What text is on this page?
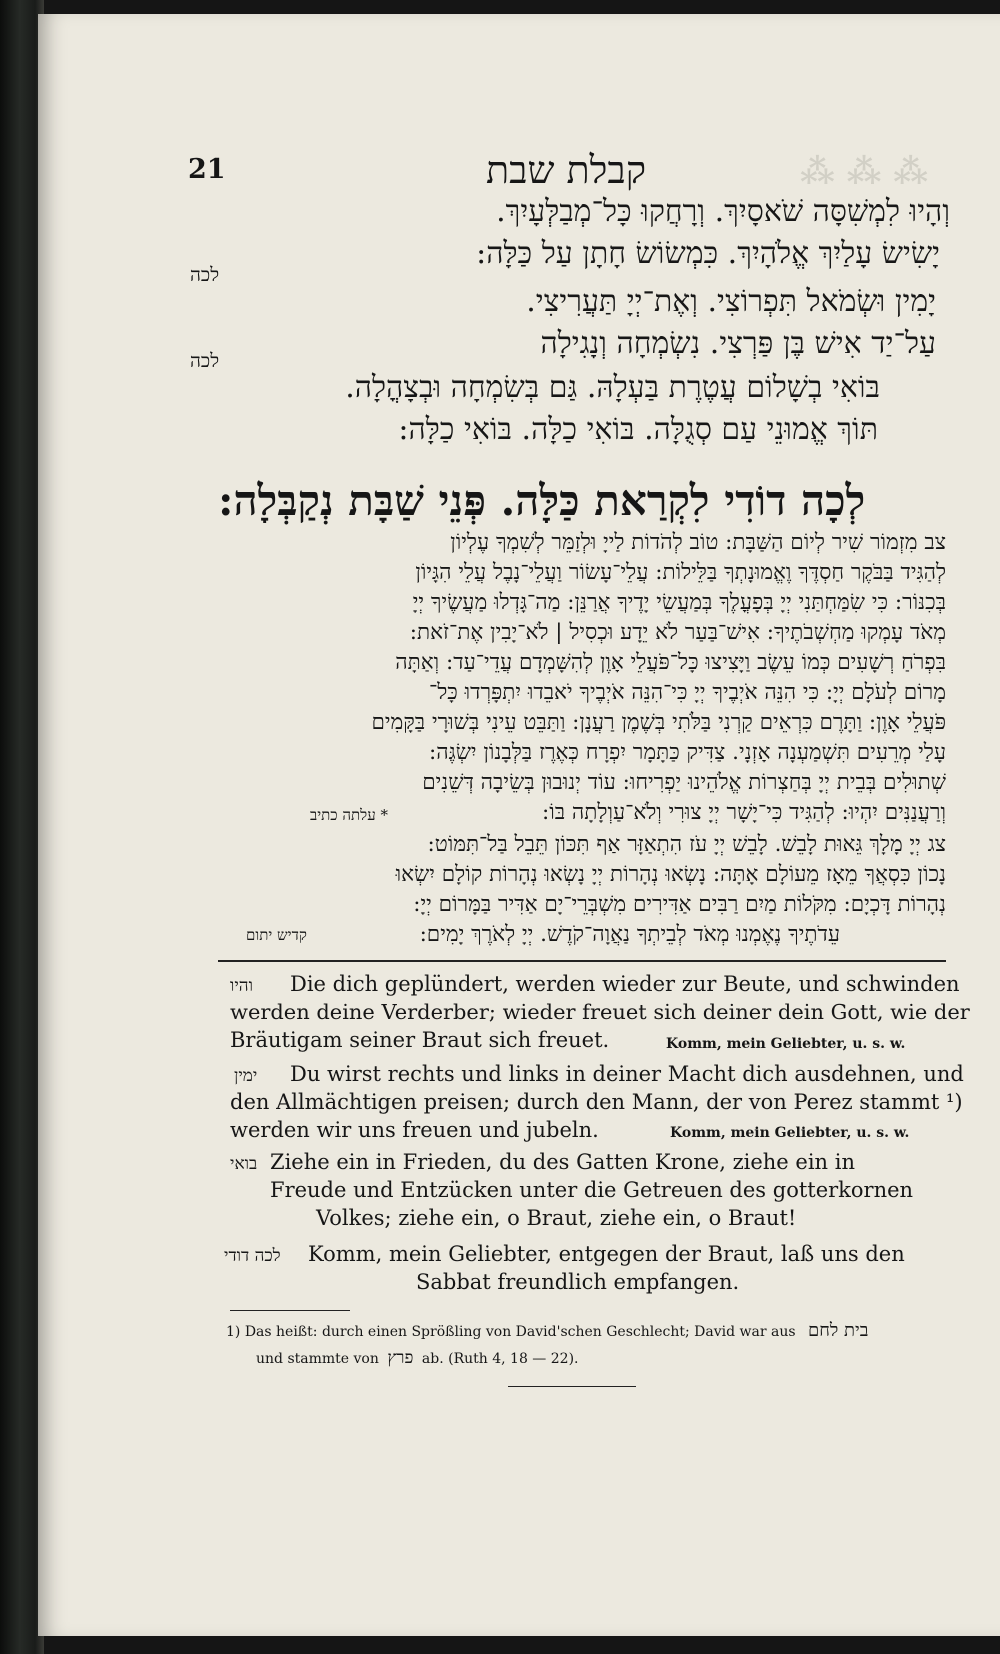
⁂ ⁂ ⁂
21	קבלת שבת
וְהָיוּ לִמְשִׁסָּה שֹׁאסָיִךְ. וְרָחֲקוּ כָּל־מְבַלְּעָיִךְ.
יָשִׂישׂ עָלַיִךְ אֱלֹהָיִךְ. כִּמְשׂוֹשׂ חָתָן עַל כַּלָּה:
לכה
יָמִין וּשְׂמֹאל תִּפְרוֹצִי. וְאֶת־יְיָ תַּעֲרִיצִי.
עַל־יַד אִישׁ בֶּן פַּרְצִי. נִשְׂמְחָה וְנָגִילָה
לכה
בּוֹאִי בְשָׁלוֹם עֲטֶרֶת בַּעְלָהּ. גַּם בְּשִׂמְחָה וּבְצָהֳלָה.
תּוֹךְ אֱמוּנֵי עַם סְגֻלָּה. בּוֹאִי כַלָּה. בּוֹאִי כַלָּה:
לְכָה דוֹדִי לִקְרַאת כַּלָּה. פְּנֵי שַׁבָּת נְקַבְּלָה:
צב מִזְמוֹר שִׁיר לְיוֹם הַשַּׁבָּת: טוֹב לְהֹדוֹת לַייָ וּלְזַמֵּר לְשִׁמְךָ עֶלְיוֹן
לְהַגִּיד בַּבֹּקֶר חַסְדֶּךָ וֶאֱמוּנָתְךָ בַּלֵּילוֹת: עֲלֵי־עָשׂוֹר וַעֲלֵי־נָבֶל עֲלֵי הִגָּיוֹן
בְּכִנּוֹר: כִּי שִׂמַּחְתַּנִי יְיָ בְּפָעֳלֶךָ בְּמַעֲשֵׂי יָדֶיךָ אֲרַנֵּן: מַה־גָּדְלוּ מַעֲשֶׂיךָ יְיָ
מְאֹד עָמְקוּ מַחְשְׁבֹתֶיךָ: אִישׁ־בַּעַר לֹא יֵדָע וּכְסִיל | לֹא־יָבִין אֶת־זֹאת:
בִּפְרֹחַ רְשָׁעִים כְּמוֹ עֵשֶׂב וַיָּצִיצוּ כָּל־פֹּעֲלֵי אָוֶן לְהִשָּׁמְדָם עֲדֵי־עַד: וְאַתָּה
מָרוֹם לְעֹלָם יְיָ: כִּי הִנֵּה אֹיְבֶיךָ יְיָ כִּי־הִנֵּה אֹיְבֶיךָ יֹאבֵדוּ יִתְפָּרְדוּ כָּל־
פֹּעֲלֵי אָוֶן: וַתָּרֶם כִּרְאֵים קַרְנִי בַּלֹּתִי בְּשֶׁמֶן רַעֲנָן: וַתַּבֵּט עֵינִי בְּשׁוּרָי בַּקָּמִים
עָלַי מְרֵעִים תִּשְׁמַעְנָה אָזְנָי. צַדִּיק כַּתָּמָר יִפְרָח כְּאֶרֶז בַּלְּבָנוֹן יִשְׂגֶּה:
שְׁתוּלִים בְּבֵית יְיָ בְּחַצְרוֹת אֱלֹהֵינוּ יַפְרִיחוּ: עוֹד יְנוּבוּן בְּשֵׂיבָה דְּשֵׁנִים
וְרַעֲנַנִּים יִהְיוּ: לְהַגִּיד כִּי־יָשָׁר יְיָ צוּרִי וְלֹא־עַוְלָתָה בּוֹ:
* עלתה כתיב
צג יְיָ מָלָךְ גֵּאוּת לָבֵשׁ. לָבֵשׁ יְיָ עֹז הִתְאַזָּר אַף תִּכּוֹן תֵּבֵל בַּל־תִּמּוֹט:
נָכוֹן כִּסְאֲךָ מֵאָז מֵעוֹלָם אָתָּה: נָשְׂאוּ נְהָרוֹת יְיָ נָשְׂאוּ נְהָרוֹת קוֹלָם יִשְׂאוּ
נְהָרוֹת דָּכְיָם: מִקֹּלוֹת מַיִם רַבִּים אַדִּירִים מִשְׁבְּרֵי־יָם אַדִּיר בַּמָּרוֹם יְיָ:
עֵדֹתֶיךָ נֶאֶמְנוּ מְאֹד לְבֵיתְךָ נַאֲוָה־קֹדֶשׁ. יְיָ לְאֹרֶךְ יָמִים:
קדיש יתום
והיו Die dich geplündert, werden wieder zur Beute, und schwinden
werden deine Verderber; wieder freuet sich deiner dein Gott, wie der
Bräutigam seiner Braut sich freuet.	Komm, mein Geliebter, u. s. w.
ימין Du wirst rechts und links in deiner Macht dich ausdehnen, und
den Allmächtigen preisen; durch den Mann, der von Perez stammt ¹)
werden wir uns freuen und jubeln.	Komm, mein Geliebter, u. s. w.
בואי Ziehe ein in Frieden, du des Gatten Krone, ziehe ein in
Freude und Entzücken unter die Getreuen des gotterkornen
Volkes; ziehe ein, o Braut, ziehe ein, o Braut!
לכה דודי Komm, mein Geliebter, entgegen der Braut, laß uns den
Sabbat freundlich empfangen.
1) Das heißt: durch einen Sprößling von David'schen Geschlecht; David war aus בית לחם
und stammte von פרץ ab. (Ruth 4, 18 — 22).
